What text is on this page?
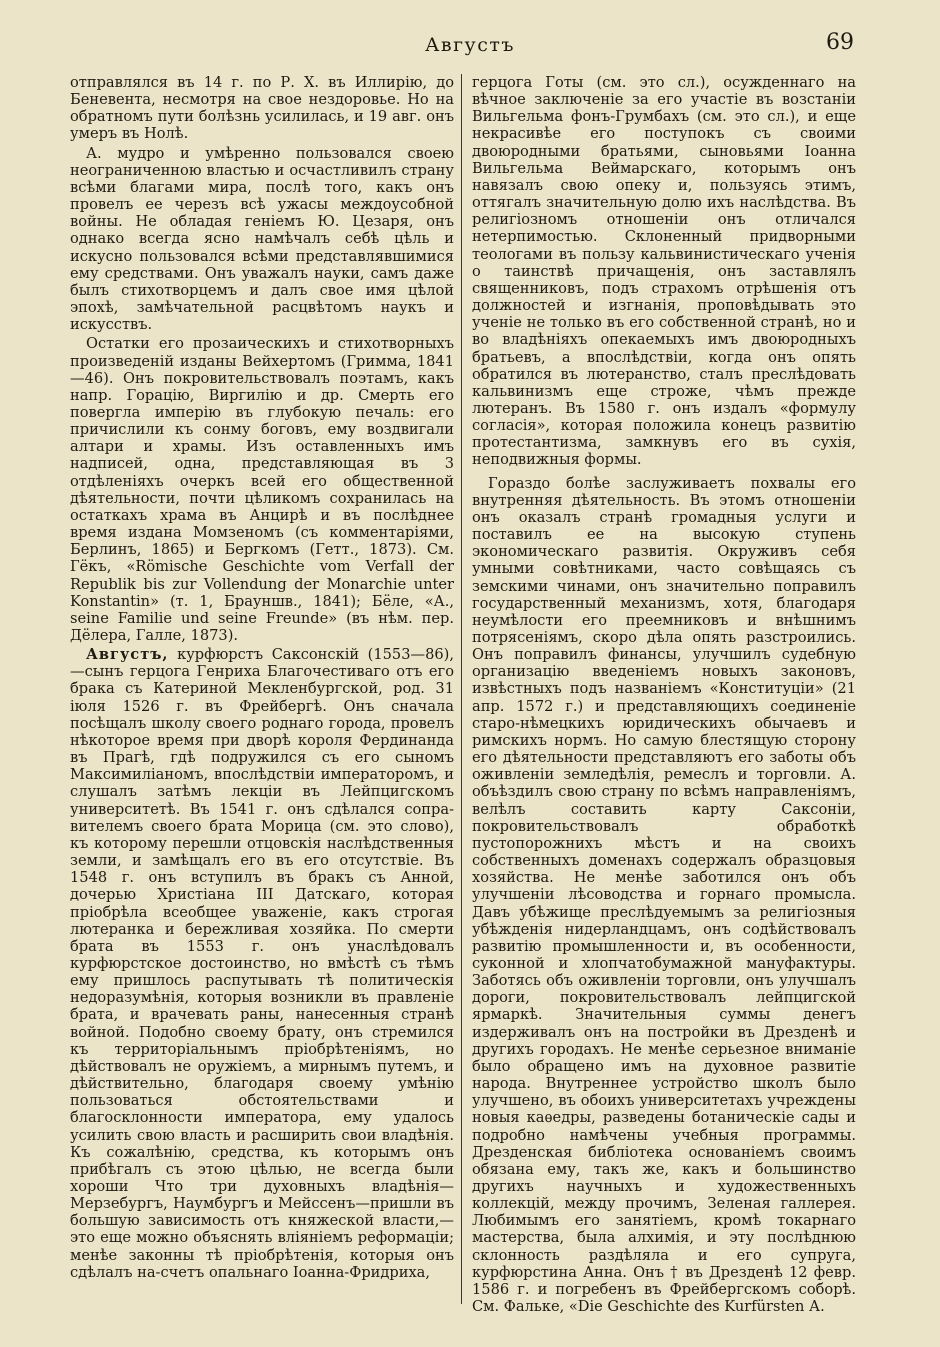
Августъ	69

отправлялся въ 14 г. по Р. Х. въ Иллирію, до Беневента, несмотря на свое нездоровье. Но на обратномъ пути болѣзнь усилилась, и 19 авг. онъ умеръ въ Нолѣ.

А. мудро и умѣренно пользовался своею неограниченною властью и осчастливилъ страну всѣми благами мира, послѣ того, какъ онъ провелъ ее черезъ всѣ ужасы междоусобной войны. Не обладая геніемъ Ю. Цезаря, онъ однако всегда ясно намѣчалъ себѣ цѣль и искусно пользовался всѣми представлявшимися ему средствами. Онъ уважалъ науки, самъ даже былъ стихотворцемъ и далъ свое имя цѣлой эпохѣ, замѣчательной расцвѣтомъ наукъ и искусствъ.

Остатки его прозаическихъ и стихотворныхъ произведеній изданы Вейхертомъ (Гримма, 1841—46). Онъ покровительствовалъ поэтамъ, какъ напр. Горацію, Виргилію и др. Смерть его повергла имперію въ глубокую печаль: его причислили къ сонму боговъ, ему воздвигали алтари и храмы. Изъ оставленныхъ имъ надписей, одна, представляющая въ 3 отдѣленіяхъ очеркъ всей его общественной дѣятельности, почти цѣликомъ сохранилась на остаткахъ храма въ Анцирѣ и въ послѣднее время издана Момзеномъ (съ комментаріями, Берлинъ, 1865) и Бергкомъ (Гетт., 1873). См. Гёкъ, «Römische Geschichte vom Verfall der Republik bis zur Vollendung der Monarchie unter Konstantin» (т. 1, Брауншв., 1841); Бёле, «А., seine Familie und seine Freunde» (въ нѣм. пер. Дёлера, Галле, 1873).

Августъ, курфюрстъ Саксонскій (1553—86),—сынъ герцога Генриха Благочестиваго отъ его брака съ Катериной Мекленбургской, род. 31 іюля 1526 г. въ Фрейбергѣ. Онъ сначала посѣщалъ школу своего роднаго города, провелъ нѣкоторое время при дворѣ короля Фердинанда въ Прагѣ, гдѣ подружился съ его сыномъ Максимиліаномъ, впослѣдствіи императоромъ, и слушалъ затѣмъ лекціи въ Лейпцигскомъ университетѣ. Въ 1541 г. онъ сдѣлался соправителемъ своего брата Морица (см. это слово), къ которому перешли отцовскія наслѣдственныя земли, и замѣщалъ его въ его отсутствіе. Въ 1548 г. онъ вступилъ въ бракъ съ Анной, дочерью Христіана III Датскаго, которая пріобрѣла всеобщее уваженіе, какъ строгая лютеранка и бережливая хозяйка. По смерти брата въ 1553 г. онъ унаслѣдовалъ курфюрстское достоинство, но вмѣстѣ съ тѣмъ ему пришлось распутывать тѣ политическія недоразумѣнія, которыя возникли въ правленіе брата, и врачевать раны, нанесенныя странѣ войной. Подобно своему брату, онъ стремился къ территоріальнымъ пріобрѣтеніямъ, но дѣйствовалъ не оружіемъ, а мирнымъ путемъ, и дѣйствительно, благодаря своему умѣнію пользоваться обстоятельствами и благосклонности императора, ему удалось усилить свою власть и расширить свои владѣнія. Къ сожалѣнію, средства, къ которымъ онъ прибѣгалъ съ этою цѣлью, не всегда были хороши Что три духовныхъ владѣнія—Мерзебургъ, Наумбургъ и Мейссенъ—пришли въ большую зависимость отъ княжеской власти,—это еще можно объяснять вліяніемъ реформаціи; менѣе законны тѣ пріобрѣтенія, которыя онъ сдѣлалъ на-счетъ опальнаго Іоанна-Фридриха,

герцога Готы (см. это сл.), осужденнаго на вѣчное заключеніе за его участіе въ возстаніи Вильгельма фонъ-Грумбахъ (см. это сл.), и еще некрасивѣе его поступокъ съ своими двоюродными братьями, сыновьями Іоанна Вильгельма Веймарскаго, которымъ онъ навязалъ свою опеку и, пользуясь этимъ, оттягалъ значительную долю ихъ наслѣдства. Въ религіозномъ отношеніи онъ отличался нетерпимостью. Склоненный придворными теологами въ пользу кальвинистическаго ученія о таинствѣ причащенія, онъ заставлялъ священниковъ, подъ страхомъ отрѣшенія отъ должностей и изгнанія, проповѣдывать это ученіе не только въ его собственной странѣ, но и во владѣніяхъ опекаемыхъ имъ двоюродныхъ братьевъ, а впослѣдствіи, когда онъ опять обратился въ лютеранство, сталъ преслѣдовать кальвинизмъ еще строже, чѣмъ прежде лютеранъ. Въ 1580 г. онъ издалъ «формулу согласія», которая положила конецъ развитію протестантизма, замкнувъ его въ сухія, неподвижныя формы.

Гораздо болѣе заслуживаетъ похвалы его внутренняя дѣятельность. Въ этомъ отношеніи онъ оказалъ странѣ громадныя услуги и поставилъ ее на высокую ступень экономическаго развитія. Окруживъ себя умными совѣтниками, часто совѣщаясь съ земскими чинами, онъ значительно поправилъ государственный механизмъ, хотя, благодаря неумѣлости его преемниковъ и внѣшнимъ потрясеніямъ, скоро дѣла опять разстроились. Онъ поправилъ финансы, улучшилъ судебную организацію введеніемъ новыхъ законовъ, извѣстныхъ подъ названіемъ «Конституціи» (21 апр. 1572 г.) и представляющихъ соединеніе старо-нѣмецкихъ юридическихъ обычаевъ и римскихъ нормъ. Но самую блестящую сторону его дѣятельности представляютъ его заботы объ оживленіи земледѣлія, ремеслъ и торговли. А. объѣздилъ свою страну по всѣмъ направленіямъ, велѣлъ составить карту Саксоніи, покровительствовалъ обработкѣ пустопорожнихъ мѣстъ и на своихъ собственныхъ доменахъ содержалъ образцовыя хозяйства. Не менѣе заботился онъ объ улучшеніи лѣсоводства и горнаго промысла. Давъ убѣжище преслѣдуемымъ за религіозныя убѣжденія нидерландцамъ, онъ содѣйствовалъ развитію промышленности и, въ особенности, суконной и хлопчатобумажной мануфактуры. Заботясь объ оживленіи торговли, онъ улучшалъ дороги, покровительствовалъ лейпцигской ярмаркѣ. Значительныя суммы денегъ издерживалъ онъ на постройки въ Дрезденѣ и другихъ городахъ. Не менѣе серьезное вниманіе было обращено имъ на духовное развитіе народа. Внутреннее устройство школъ было улучшено, въ обоихъ университетахъ учреждены новыя каѳедры, разведены ботаническіе сады и подробно намѣчены учебныя программы. Дрезденская библіотека основаніемъ своимъ обязана ему, такъ же, какъ и большинство другихъ научныхъ и художественныхъ коллекцій, между прочимъ, Зеленая галлерея. Любимымъ его занятіемъ, кромѣ токарнаго мастерства, была алхимія, и эту послѣднюю склонность раздѣляла и его супруга, курфюрстина Анна. Онъ † въ Дрезденѣ 12 февр. 1586 г. и погребенъ въ Фрейбергскомъ соборѣ. См. Фальке, «Die Geschichte des Kurfürsten А.
